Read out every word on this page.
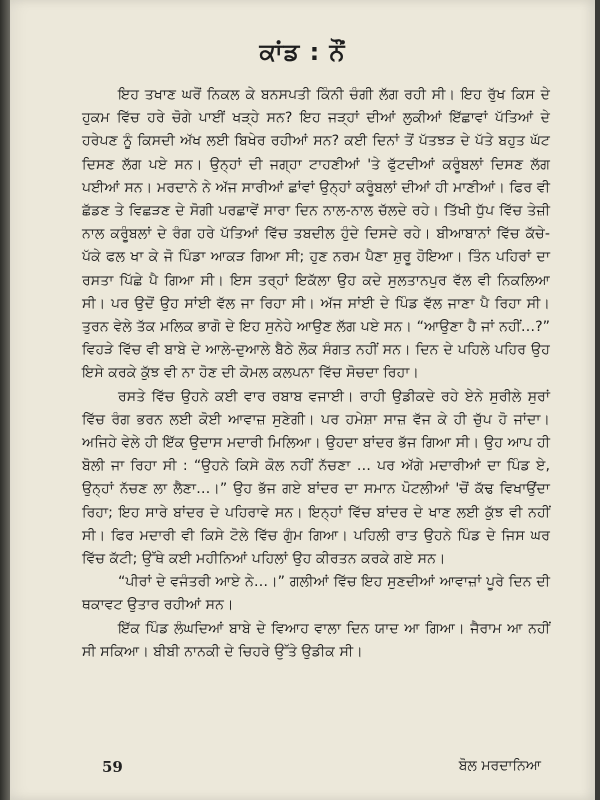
ਕਾਂਡ : ਨੌਂ

ਇਹ ਤਖਾਣ ਘਰੋਂ ਨਿਕਲ ਕੇ ਬਨਸਪਤੀ ਕਿੰਨੀ ਚੰਗੀ ਲੱਗ ਰਹੀ ਸੀ। ਇਹ ਰੁੱਖ ਕਿਸ ਦੇ ਹੁਕਮ ਵਿੱਚ ਹਰੇ ਚੋਗੇ ਪਾਈਂ ਖੜ੍ਹੇ ਸਨ? ਇਹ ਜੜ੍ਹਾਂ ਦੀਆਂ ਲੁਕੀਆਂ ਇੱਛਾਵਾਂ ਪੱਤਿਆਂ ਦੇ ਹਰੇਪਣ ਨੂੰ ਕਿਸਦੀ ਅੱਖ ਲਈ ਬਿਖੇਰ ਰਹੀਆਂ ਸਨ? ਕਈ ਦਿਨਾਂ ਤੋਂ ਪੱਤਝੜ ਦੇ ਪੱਤੇ ਬਹੁਤ ਘੱਟ ਦਿਸਣ ਲੱਗ ਪਏ ਸਨ। ਉਨ੍ਹਾਂ ਦੀ ਜਗ੍ਹਾ ਟਾਹਣੀਆਂ 'ਤੇ ਫੁੱਟਦੀਆਂ ਕਰੂੰਬਲਾਂ ਦਿਸਣ ਲੱਗ ਪਈਆਂ ਸਨ। ਮਰਦਾਨੇ ਨੇ ਅੱਜ ਸਾਰੀਆਂ ਛਾਂਵਾਂ ਉਨ੍ਹਾਂ ਕਰੂੰਬਲਾਂ ਦੀਆਂ ਹੀ ਮਾਣੀਆਂ। ਫਿਰ ਵੀ ਛੱਡਣ ਤੇ ਵਿਛੜਣ ਦੇ ਸੋਗੀ ਪਰਛਾਵੇਂ ਸਾਰਾ ਦਿਨ ਨਾਲ-ਨਾਲ ਚੱਲਦੇ ਰਹੇ। ਤਿੱਖੀ ਧੁੱਪ ਵਿੱਚ ਤੇਜ਼ੀ ਨਾਲ ਕਰੂੰਬਲਾਂ ਦੇ ਰੰਗ ਹਰੇ ਪੱਤਿਆਂ ਵਿੱਚ ਤਬਦੀਲ ਹੁੰਦੇ ਦਿਸਦੇ ਰਹੇ। ਬੀਆਬਾਨਾਂ ਵਿੱਚ ਕੱਚੇ-ਪੱਕੇ ਫਲ ਖਾ ਕੇ ਜੋ ਪਿੰਡਾ ਆਕੜ ਗਿਆ ਸੀ; ਹੁਣ ਨਰਮ ਪੈਣਾ ਸ਼ੁਰੂ ਹੋਇਆ। ਤਿੰਨ ਪਹਿਰਾਂ ਦਾ ਰਸਤਾ ਪਿੱਛੇ ਪੈ ਗਿਆ ਸੀ। ਇਸ ਤਰ੍ਹਾਂ ਇਕੱਲਾ ਉਹ ਕਦੇ ਸੁਲਤਾਨਪੁਰ ਵੱਲ ਵੀ ਨਿਕਲਿਆ ਸੀ। ਪਰ ਉਦੋਂ ਉਹ ਸਾਂਈ ਵੱਲ ਜਾ ਰਿਹਾ ਸੀ। ਅੱਜ ਸਾਂਈ ਦੇ ਪਿੰਡ ਵੱਲ ਜਾਣਾ ਪੈ ਰਿਹਾ ਸੀ। ਤੁਰਨ ਵੇਲੇ ਤੱਕ ਮਲਿਕ ਭਾਗੋ ਦੇ ਇਹ ਸੁਨੇਹੇ ਆਉਣ ਲੱਗ ਪਏ ਸਨ। “ਆਉਣਾ ਹੈ ਜਾਂ ਨਹੀਂ…?” ਵਿਹੜੇ ਵਿੱਚ ਵੀ ਬਾਬੇ ਦੇ ਆਲੇ-ਦੁਆਲੇ ਬੈਠੇ ਲੋਕ ਸੰਗਤ ਨਹੀਂ ਸਨ। ਦਿਨ ਦੇ ਪਹਿਲੇ ਪਹਿਰ ਉਹ ਇਸੇ ਕਰਕੇ ਕੁੱਝ ਵੀ ਨਾ ਹੋਣ ਦੀ ਕੋਮਲ ਕਲਪਨਾ ਵਿੱਚ ਸੋਚਦਾ ਰਿਹਾ।

ਰਸਤੇ ਵਿੱਚ ਉਹਨੇ ਕਈ ਵਾਰ ਰਬਾਬ ਵਜਾਈ। ਰਾਹੀ ਉਡੀਕਦੇ ਰਹੇ ਏਨੇ ਸੁਰੀਲੇ ਸੁਰਾਂ ਵਿੱਚ ਰੰਗ ਭਰਨ ਲਈ ਕੋਈ ਆਵਾਜ਼ ਸੁਣੇਗੀ। ਪਰ ਹਮੇਸ਼ਾ ਸਾਜ਼ ਵੱਜ ਕੇ ਹੀ ਚੁੱਪ ਹੋ ਜਾਂਦਾ। ਅਜਿਹੇ ਵੇਲੇ ਹੀ ਇੱਕ ਉਦਾਸ ਮਦਾਰੀ ਮਿਲਿਆ। ਉਹਦਾ ਬਾਂਦਰ ਭੱਜ ਗਿਆ ਸੀ। ਉਹ ਆਪ ਹੀ ਬੋਲੀ ਜਾ ਰਿਹਾ ਸੀ : “ਉਹਨੇ ਕਿਸੇ ਕੋਲ ਨਹੀਂ ਨੱਚਣਾ … ਪਰ ਅੱਗੇ ਮਦਾਰੀਆਂ ਦਾ ਪਿੰਡ ਏ, ਉਨ੍ਹਾਂ ਨੱਚਣ ਲਾ ਲੈਣਾ…।” ਉਹ ਭੱਜ ਗਏ ਬਾਂਦਰ ਦਾ ਸਮਾਨ ਪੋਟਲੀਆਂ 'ਚੋਂ ਕੱਢ ਵਿਖਾਉਂਦਾ ਰਿਹਾ; ਇਹ ਸਾਰੇ ਬਾਂਦਰ ਦੇ ਪਹਿਰਾਵੇ ਸਨ। ਇਨ੍ਹਾਂ ਵਿੱਚ ਬਾਂਦਰ ਦੇ ਖਾਣ ਲਈ ਕੁੱਝ ਵੀ ਨਹੀਂ ਸੀ। ਫਿਰ ਮਦਾਰੀ ਵੀ ਕਿਸੇ ਟੋਲੇ ਵਿੱਚ ਗੁੰਮ ਗਿਆ। ਪਹਿਲੀ ਰਾਤ ਉਹਨੇ ਪਿੰਡ ਦੇ ਜਿਸ ਘਰ ਵਿੱਚ ਕੱਟੀ; ਉੱਥੇ ਕਈ ਮਹੀਨਿਆਂ ਪਹਿਲਾਂ ਉਹ ਕੀਰਤਨ ਕਰਕੇ ਗਏ ਸਨ।

“ਪੀਰਾਂ ਦੇ ਵਜੰਤਰੀ ਆਏ ਨੇ…।” ਗਲੀਆਂ ਵਿੱਚ ਇਹ ਸੁਣਦੀਆਂ ਆਵਾਜ਼ਾਂ ਪੂਰੇ ਦਿਨ ਦੀ ਥਕਾਵਟ ਉਤਾਰ ਰਹੀਆਂ ਸਨ।

ਇੱਕ ਪਿੰਡ ਲੰਘਦਿਆਂ ਬਾਬੇ ਦੇ ਵਿਆਹ ਵਾਲਾ ਦਿਨ ਯਾਦ ਆ ਗਿਆ। ਜੈਰਾਮ ਆ ਨਹੀਂ ਸੀ ਸਕਿਆ। ਬੀਬੀ ਨਾਨਕੀ ਦੇ ਚਿਹਰੇ ਉੱਤੇ ਉਡੀਕ ਸੀ।

59	ਬੋਲ ਮਰਦਾਨਿਆ
